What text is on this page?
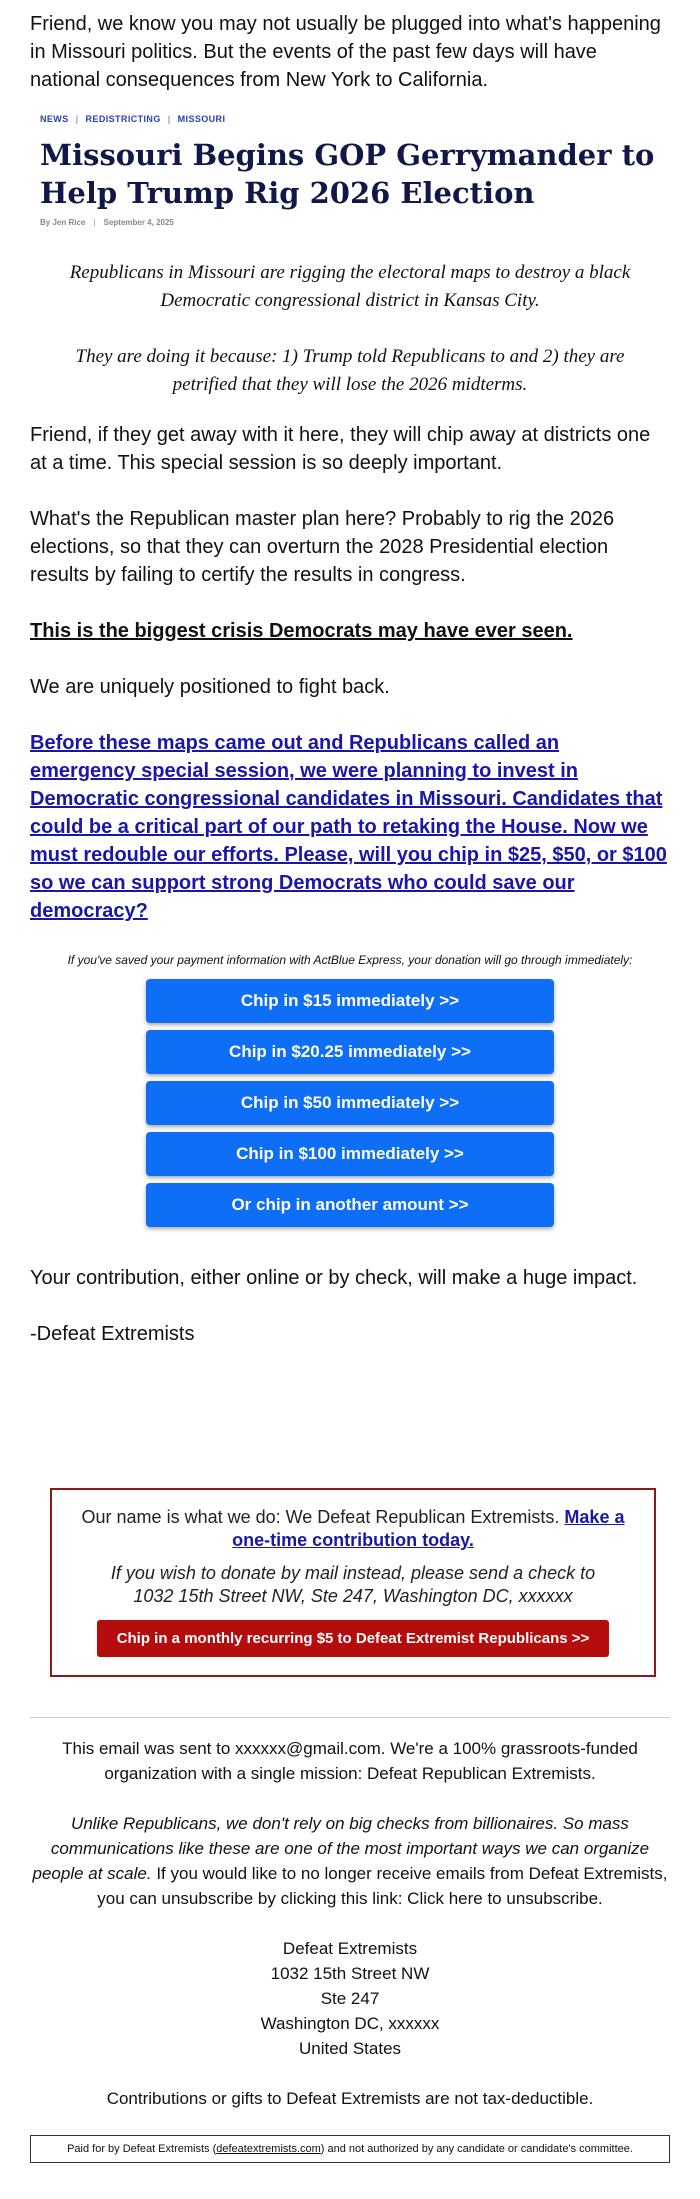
Friend, we know you may not usually be plugged into what's happening in Missouri politics. But the events of the past few days will have national consequences from New York to California.

NEWS | REDISTRICTING | MISSOURI
Missouri Begins GOP Gerrymander to Help Trump Rig 2026 Election
By Jen Rice | September 4, 2025

Republicans in Missouri are rigging the electoral maps to destroy a black Democratic congressional district in Kansas City.

They are doing it because: 1) Trump told Republicans to and 2) they are petrified that they will lose the 2026 midterms.

Friend, if they get away with it here, they will chip away at districts one at a time. This special session is so deeply important.

What's the Republican master plan here? Probably to rig the 2026 elections, so that they can overturn the 2028 Presidential election results by failing to certify the results in congress.

This is the biggest crisis Democrats may have ever seen.

We are uniquely positioned to fight back.

Before these maps came out and Republicans called an emergency special session, we were planning to invest in Democratic congressional candidates in Missouri. Candidates that could be a critical part of our path to retaking the House. Now we must redouble our efforts. Please, will you chip in $25, $50, or $100 so we can support strong Democrats who could save our democracy?

If you've saved your payment information with ActBlue Express, your donation will go through immediately:

Chip in $15 immediately >>
Chip in $20.25 immediately >>
Chip in $50 immediately >>
Chip in $100 immediately >>
Or chip in another amount >>

Your contribution, either online or by check, will make a huge impact.

-Defeat Extremists

Our name is what we do: We Defeat Republican Extremists. Make a one-time contribution today.

If you wish to donate by mail instead, please send a check to 1032 15th Street NW, Ste 247, Washington DC, xxxxxx

Chip in a monthly recurring $5 to Defeat Extremist Republicans >>

This email was sent to xxxxxx@gmail.com. We're a 100% grassroots-funded organization with a single mission: Defeat Republican Extremists.

Unlike Republicans, we don't rely on big checks from billionaires. So mass communications like these are one of the most important ways we can organize people at scale. If you would like to no longer receive emails from Defeat Extremists, you can unsubscribe by clicking this link: Click here to unsubscribe.

Defeat Extremists
1032 15th Street NW
Ste 247
Washington DC, xxxxxx
United States

Contributions or gifts to Defeat Extremists are not tax-deductible.

Paid for by Defeat Extremists (defeatextremists.com) and not authorized by any candidate or candidate's committee.
